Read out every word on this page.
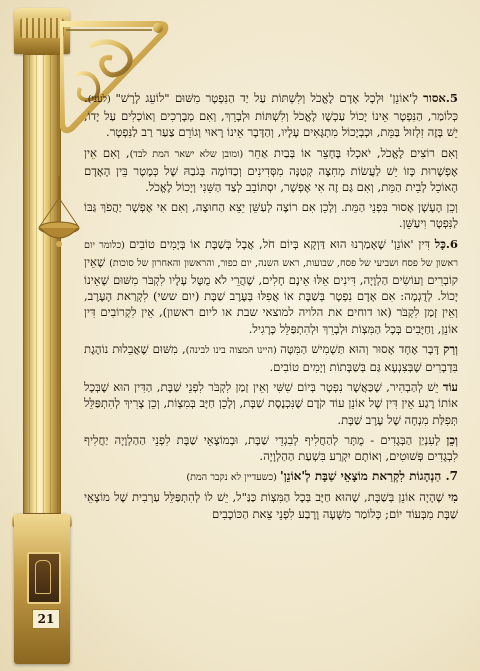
21

5.אסור לְ'אוֹנֵן' וּלְכָל אָדָם לֶאֱכֹל וְלִשְׁתּוֹת עַל יַד הַנִּפְטָר מִשּׁוּם "לוֹעֵג לָרָשׁ" (לעני). כְּלוֹמַר, הַנִּפְטָר אֵינוֹ יָכוֹל עַכְשָׁו לֶאֱכֹל וְלִשְׁתּוֹת וּלְבָרֵךְ, וְאִם מְבָרְכִים וְאוֹכְלִים עַל יָדוֹ, יֵשׁ בָּזֶה זִלְזוּל בַּמֵּת, וּכְבְיָכוֹל מִתְגָּאִים עָלָיו, וְהַדָּבָר אֵינוֹ רָאוּי וְגוֹרֵם צַעַר רַב לַנִּפְטָר.

וְאִם רוֹצִים לֶאֱכֹל, יֹאכְלוּ בֶּחָצֵר אוֹ בְּבַיִת אַחֵר (ומובן שלא ישאר המת לבד), וְאִם אֵין אֶפְשָׁרוּת כָּזוֹ יֵשׁ לַעֲשׂוֹת מְחִצָּה קְטַנָּה מִסְּדִינִים וְכַדּוֹמֶה בְּגֹבַהּ שֶׁל כְּמֶטֶר בֵּין הָאָדָם הָאוֹכֵל לְבֵית הַמֵּת, וְאִם גַּם זֶה אִי אֶפְשָׁר, יִסְתּוֹבֵב לְצַד הַשֵּׁנִי וְיָכוֹל לֶאֱכֹל.

וְכֵן הֶעָשָׁן אָסוּר בִּפְנֵי הַמֵּת. וְלָכֵן אִם רוֹצֶה לְעַשֵּׁן יֵצֵא הַחוּצָה, וְאִם אִי אֶפְשָׁר יַהֲפֹךְ גַּבּוֹ לַנִּפְטָר וִיעַשֵּׁן.

6.כָּל דִּין 'אוֹנֵן' שֶׁאָמַרְנוּ הוּא דַּוְקָא בְּיוֹם חֹל, אֲבָל בְּשַׁבָּת אוֹ בְּיָמִים טוֹבִים (כלומר יום ראשון של פסח ושביעי של פסח, שבועות, ראש השנה, יום כפור, והראשון והאחרון של סוכות) שֶׁאֵין קוֹבְרִים וְעוֹשִׂים הַלְוָיָה, דִּינִים אֵלּוּ אֵינָם חָלִים, שֶׁהֲרֵי לֹא מֻטָּל עָלָיו לִקְבֹּר מִשּׁוּם שֶׁאֵינוֹ יָכוֹל. לְדֻגְמָה: אִם אָדָם נִפְטָר בְּשַׁבָּת אוֹ אֲפִלּוּ בְּעֶרֶב שַׁבָּת (יום ששי) לִקְרַאת הָעֶרֶב, וְאֵין זְמַן לִקְבֹּר (או דוחים את הלויה למוצאי שבת או ליום ראשון), אֵין לִקְרוֹבִים דִּין אוֹנֵן, וַחַיָּבִים בְּכָל הַמִּצְוֹת וּלְבָרֵךְ וּלְהִתְפַּלֵּל כָּרָגִיל.

וְרַק דָּבָר אֶחָד אָסוּר וְהוּא תַּשְׁמִישׁ הַמִּטָּה (היינו המצוה בינו לבינה), מִשּׁוּם שֶׁאֲבֵלוּת נוֹהֶגֶת בִּדְבָרִים שֶׁבְּצִנְעָא גַּם בְּשַׁבָּתוֹת וְיָמִים טוֹבִים.

עוֹד יֵשׁ לְהַבְהִיר, שֶׁכַּאֲשֶׁר נִפְטָר בְּיוֹם שִׁשִּׁי וְאֵין זְמַן לִקְבֹּר לִפְנֵי שַׁבָּת, הַדִּין הוּא שֶׁבְּכָל אוֹתוֹ רֶגַע אֵין דִּין שֶׁל אוֹנֵן עוֹד קֹדֶם שֶׁנִּכְנֶסֶת שַׁבָּת, וְלָכֵן חַיָּב בְּמִצְוֹת, וְכֵן צָרִיךְ לְהִתְפַּלֵּל תְּפִלַּת מִנְחָה שֶׁל עֶרֶב שַׁבָּת.

וְכֵן לְעִנְיַן הַבְּגָדִים - מֻתָּר לְהַחֲלִיף לְבִגְדֵי שַׁבָּת, וּבְמוֹצָאֵי שַׁבָּת לִפְנֵי הַהַלְוָיָה יַחֲלִיף לִבְגָדִים פְּשׁוּטִים, וְאוֹתָם יִקְרַע בִּשְׁעַת הַהַלְוָיָה.

7. הַנְהָגוֹת לִקְרַאת מוֹצָאֵי שַׁבָּת לְ'אוֹנֵן' (כשעדיין לא נקבר המת)

מִי שֶׁהָיָה אוֹנֵן בְּשַׁבָּת, שֶׁהוּא חַיָּב בְּכָל הַמִּצְוֹת כַּנַּ"ל, יֵשׁ לוֹ לְהִתְפַּלֵּל עַרְבִית שֶׁל מוֹצָאֵי שַׁבָּת מִבְּעוֹד יוֹם; כְּלוֹמַר מִשָּׁעָה וָרֶבַע לִפְנֵי צֵאת הַכּוֹכָבִים
